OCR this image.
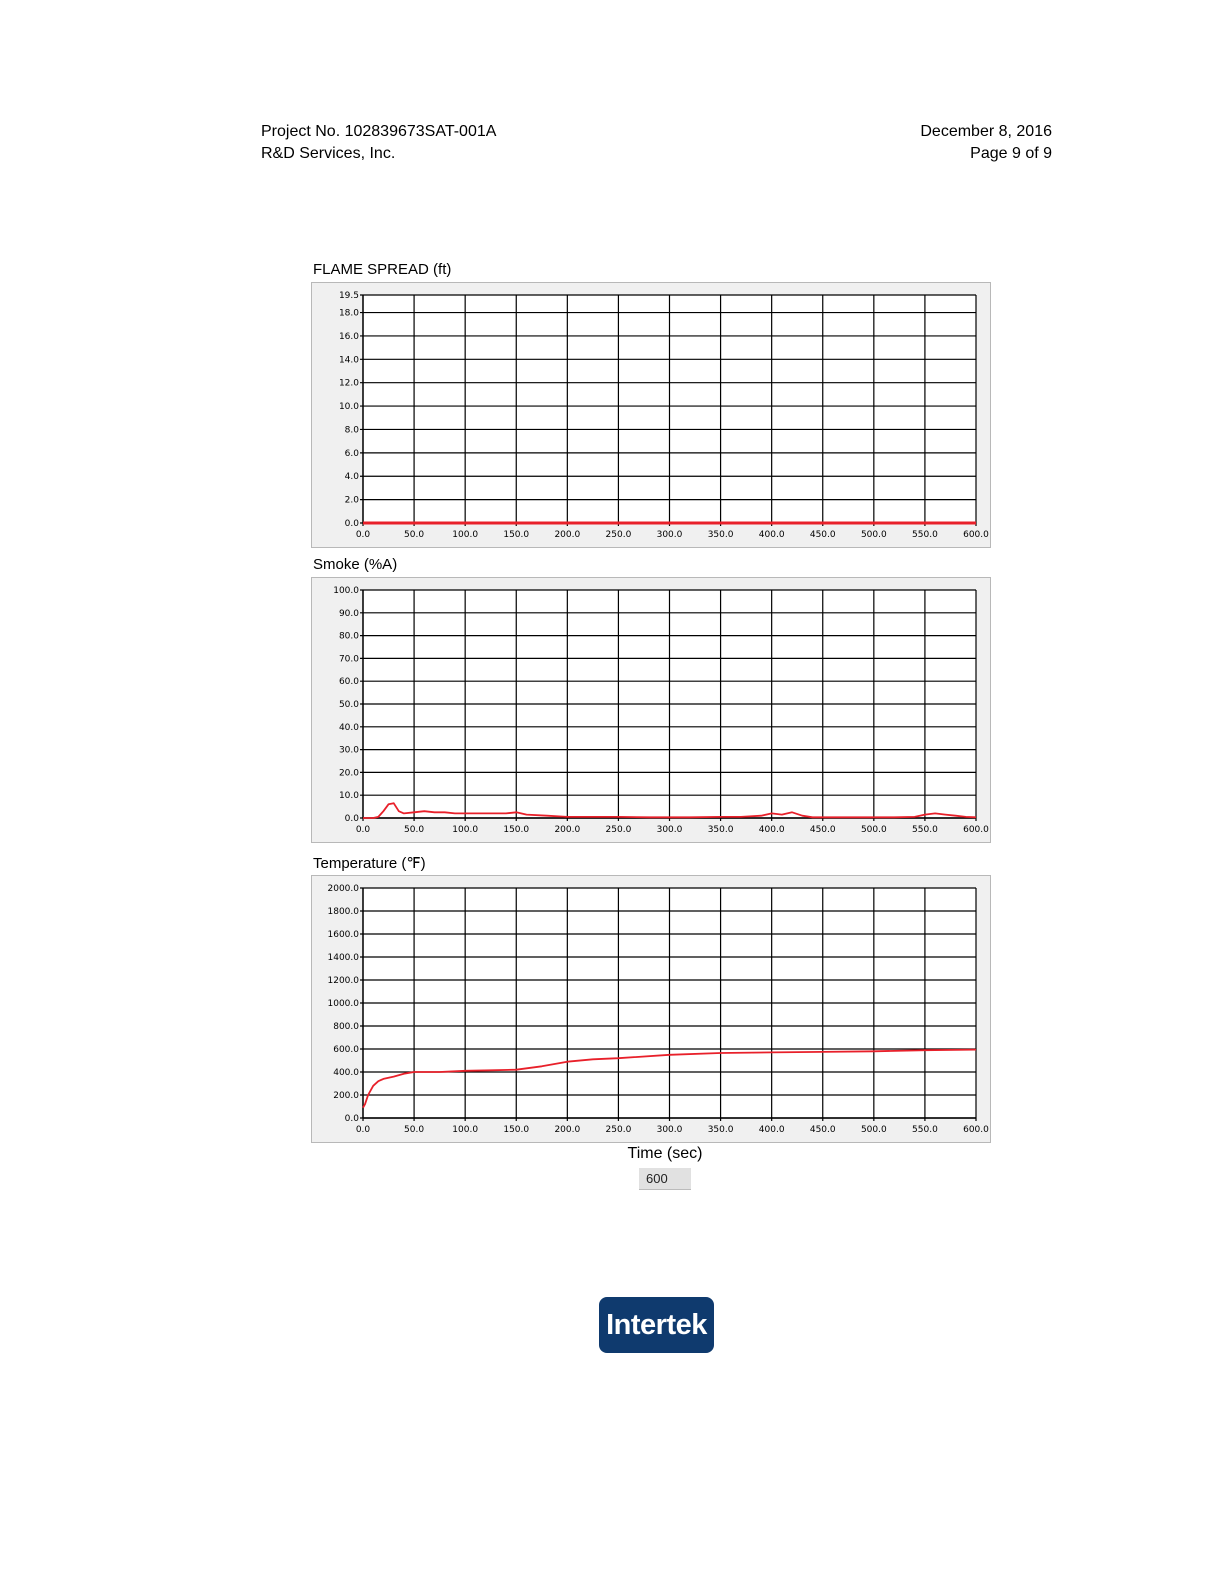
Project No. 102839673SAT-001A
R&D Services, Inc.
December 8, 2016
Page 9 of 9
FLAME SPREAD (ft)
0.0	50.0	100.0	150.0	200.0	250.0	300.0	350.0	400.0	450.0	500.0	550.0	600.0
0.0
2.0
4.0
6.0
8.0
10.0
12.0
14.0
16.0
18.0
19.5
Smoke (%A)
0.0	50.0	100.0	150.0	200.0	250.0	300.0	350.0	400.0	450.0	500.0	550.0	600.0
0.0
10.0
20.0
30.0
40.0
50.0
60.0
70.0
80.0
90.0
100.0
Temperature (℉)
0.0	50.0	100.0	150.0	200.0	250.0	300.0	350.0	400.0	450.0	500.0	550.0	600.0
0.0
200.0
400.0
600.0
800.0
1000.0
1200.0
1400.0
1600.0
1800.0
2000.0
Time (sec)
600
Intertek
